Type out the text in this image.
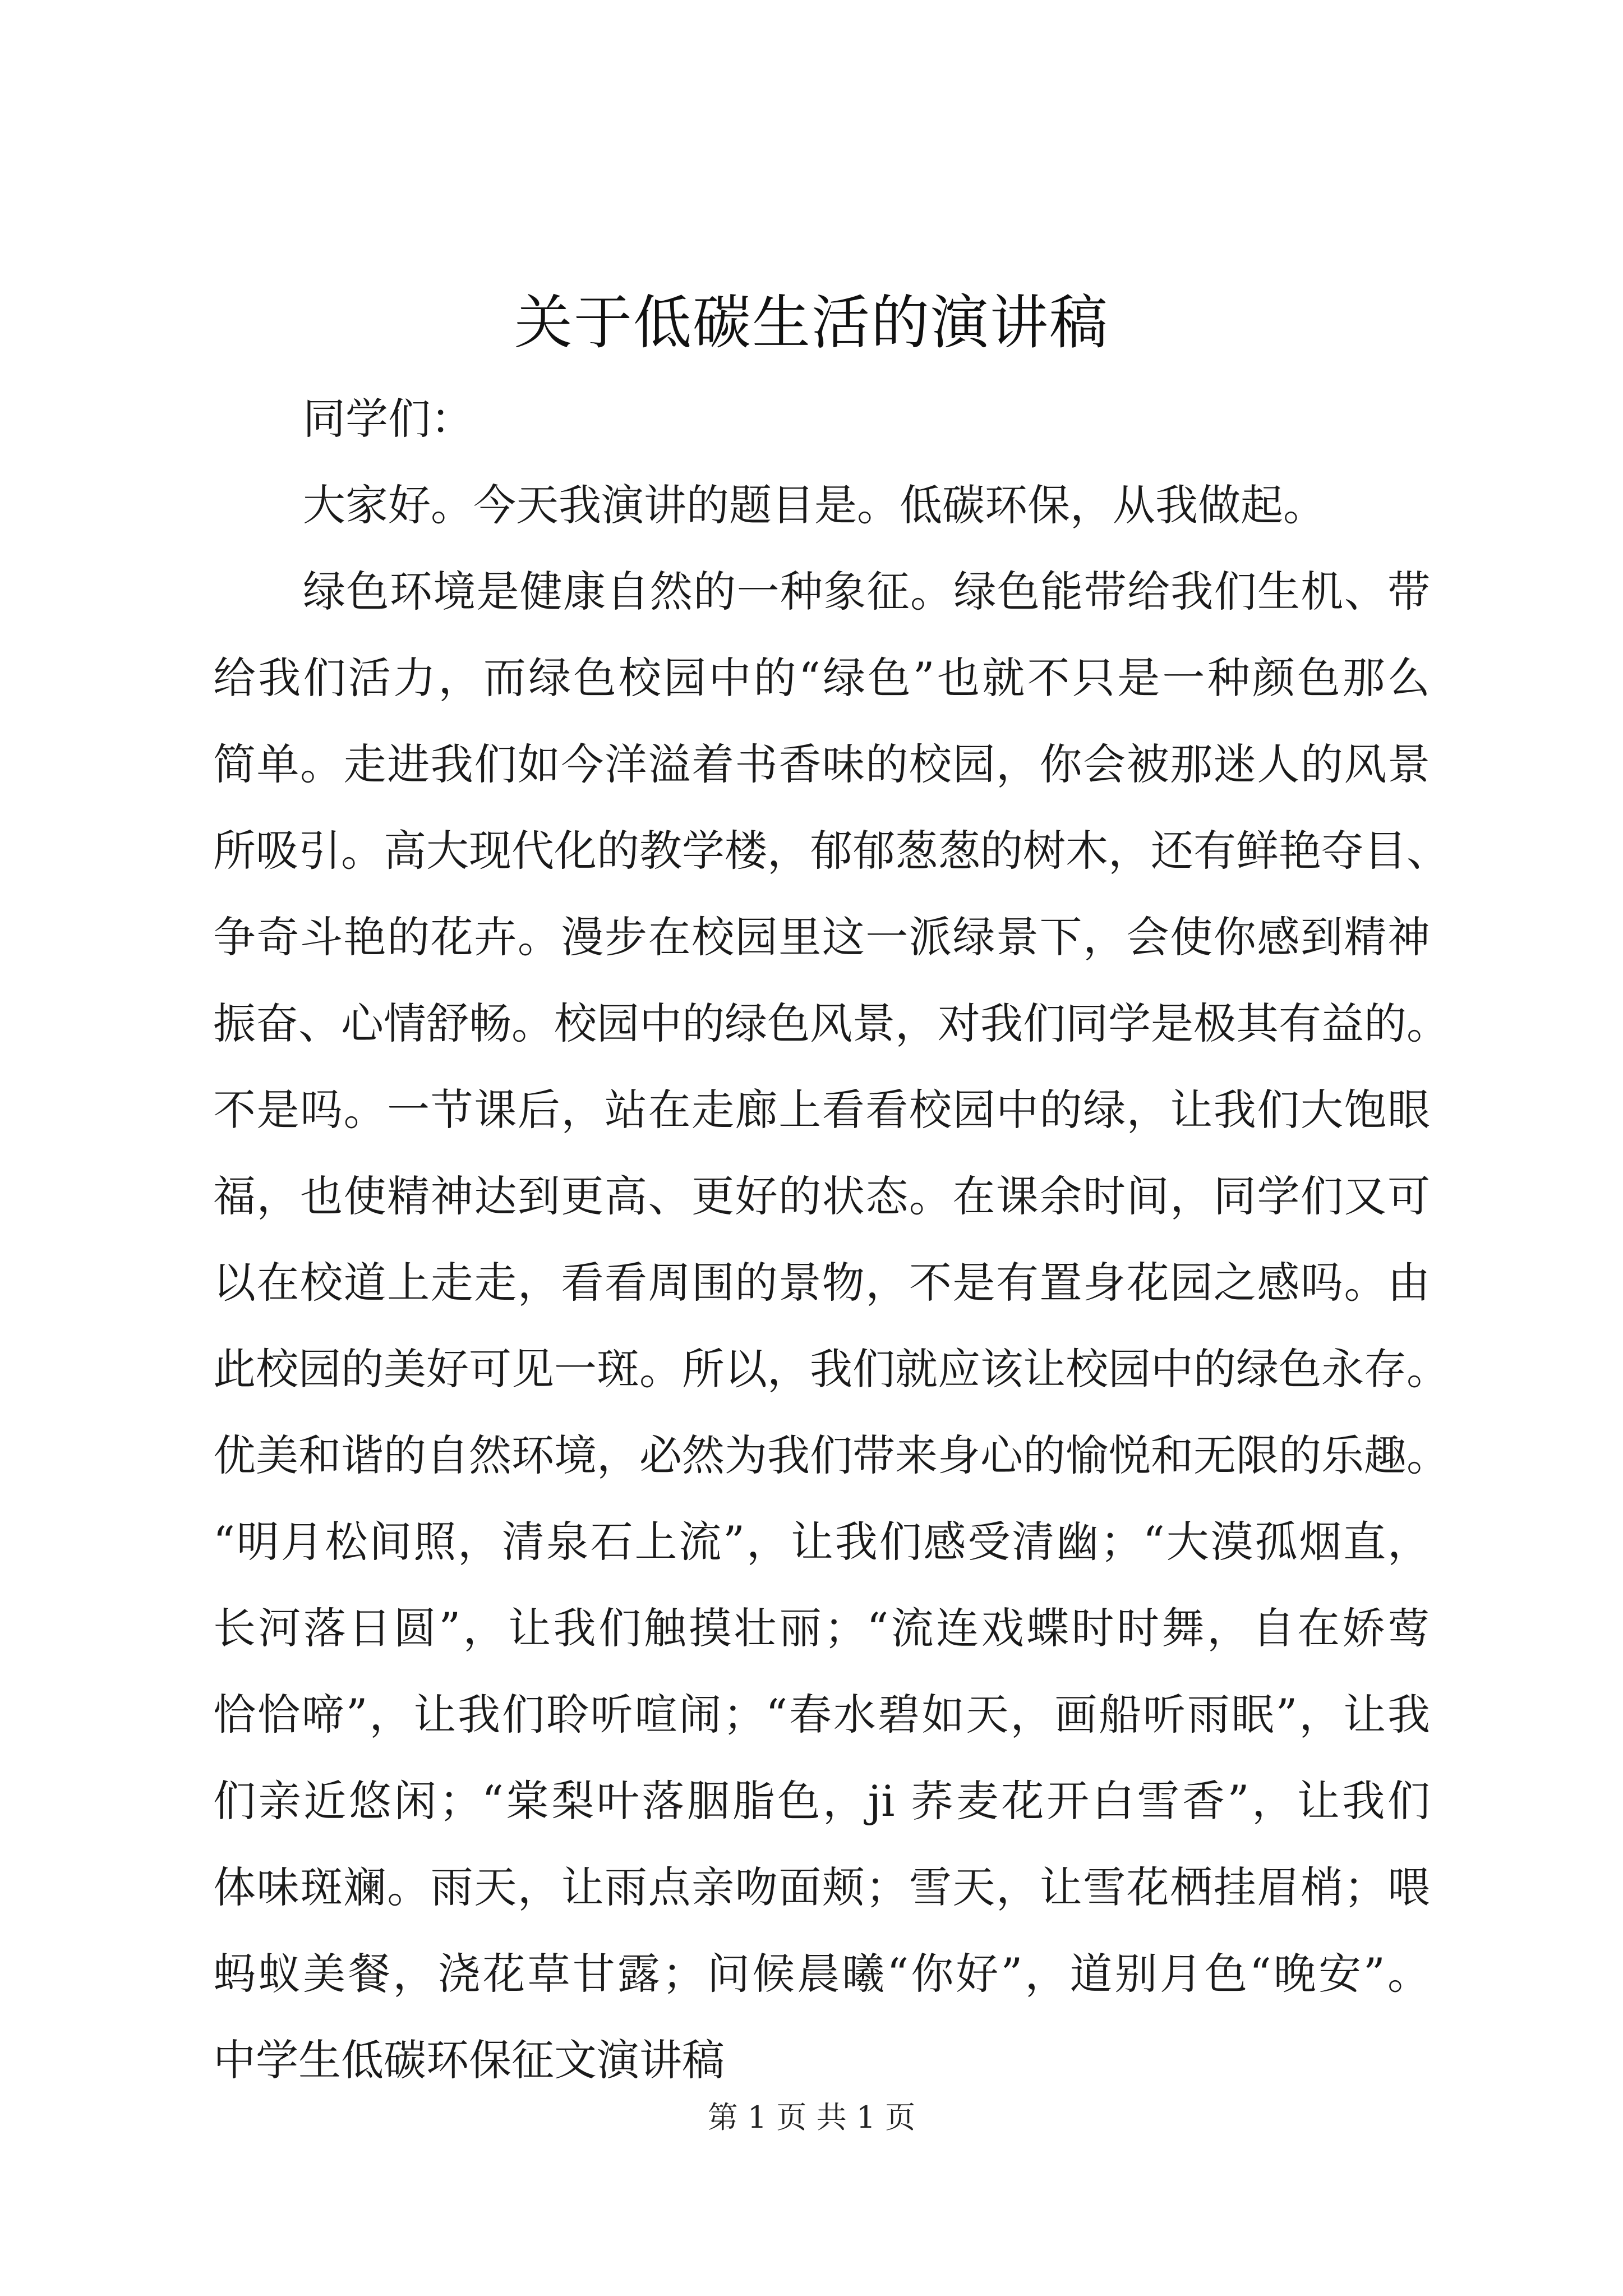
关于低碳生活的演讲稿
同学们：
大家好。今天我演讲的题目是。低碳环保，从我做起。
绿色环境是健康自然的一种象征。绿色能带给我们生机、带
给我们活力，而绿色校园中的“绿色”也就不只是一种颜色那么
简单。走进我们如今洋溢着书香味的校园，你会被那迷人的风景
所吸引。高大现代化的教学楼，郁郁葱葱的树木，还有鲜艳夺目、
争奇斗艳的花卉。漫步在校园里这一派绿景下，会使你感到精神
振奋、心情舒畅。校园中的绿色风景，对我们同学是极其有益的。
不是吗。一节课后，站在走廊上看看校园中的绿，让我们大饱眼
福，也使精神达到更高、更好的状态。在课余时间，同学们又可
以在校道上走走，看看周围的景物，不是有置身花园之感吗。由
此校园的美好可见一斑。所以，我们就应该让校园中的绿色永存。
优美和谐的自然环境，必然为我们带来身心的愉悦和无限的乐趣。
“明月松间照，清泉石上流”，让我们感受清幽；“大漠孤烟直，
长河落日圆”，让我们触摸壮丽；“流连戏蝶时时舞，自在娇莺
恰恰啼”，让我们聆听喧闹；“春水碧如天，画船听雨眠”，让我
们亲近悠闲；“棠梨叶落胭脂色，ji 荞麦花开白雪香”，让我们
体味斑斓。雨天，让雨点亲吻面颊；雪天，让雪花栖挂眉梢；喂
蚂蚁美餐，浇花草甘露；问候晨曦“你好”，道别月色“晚安”。
中学生低碳环保征文演讲稿
第 1 页 共 1 页
